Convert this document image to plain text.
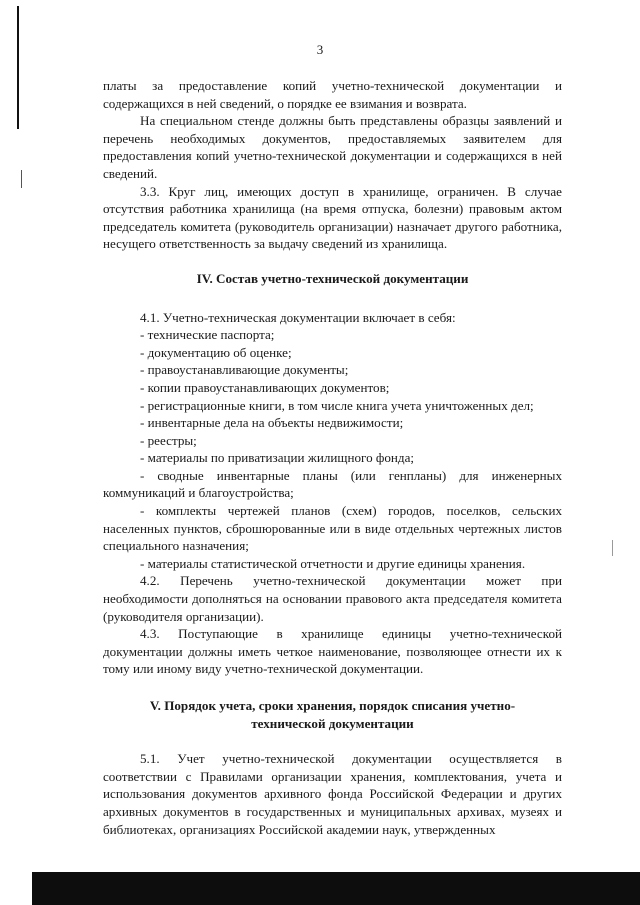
3

платы за предоставление копий учетно-технической документации и содержащихся в ней сведений, о порядке ее взимания и возврата.

На специальном стенде должны быть представлены образцы заявлений и перечень необходимых документов, предоставляемых заявителем для предоставления копий учетно-технической документации и содержащихся в ней сведений.

3.3. Круг лиц, имеющих доступ в хранилище, ограничен. В случае отсутствия работника хранилища (на время отпуска, болезни) правовым актом председатель комитета (руководитель организации) назначает другого работника, несущего ответственность за выдачу сведений из хранилища.

IV. Состав учетно-технической документации

4.1. Учетно-техническая документации включает в себя:

- технические паспорта;

- документацию об оценке;

- правоустанавливающие документы;

- копии правоустанавливающих документов;

- регистрационные книги, в том числе книга учета уничтоженных дел;

- инвентарные дела на объекты недвижимости;

- реестры;

- материалы по приватизации жилищного фонда;

- сводные инвентарные планы (или генпланы) для инженерных коммуникаций и благоустройства;

- комплекты чертежей планов (схем) городов, поселков, сельских населенных пунктов, сброшюрованные или в виде отдельных чертежных листов специального назначения;

- материалы статистической отчетности и другие единицы хранения.

4.2. Перечень учетно-технической документации может при необходимости дополняться на основании правового акта председателя комитета (руководителя организации).

4.3. Поступающие в хранилище единицы учетно-технической документации должны иметь четкое наименование, позволяющее отнести их к тому или иному виду учетно-технической документации.

V. Порядок учета, сроки хранения, порядок списания учетно-технической документации

5.1. Учет учетно-технической документации осуществляется в соответствии с Правилами организации хранения, комплектования, учета и использования документов архивного фонда Российской Федерации и других архивных документов в государственных и муниципальных архивах, музеях и библиотеках, организациях Российской академии наук, утвержденных
